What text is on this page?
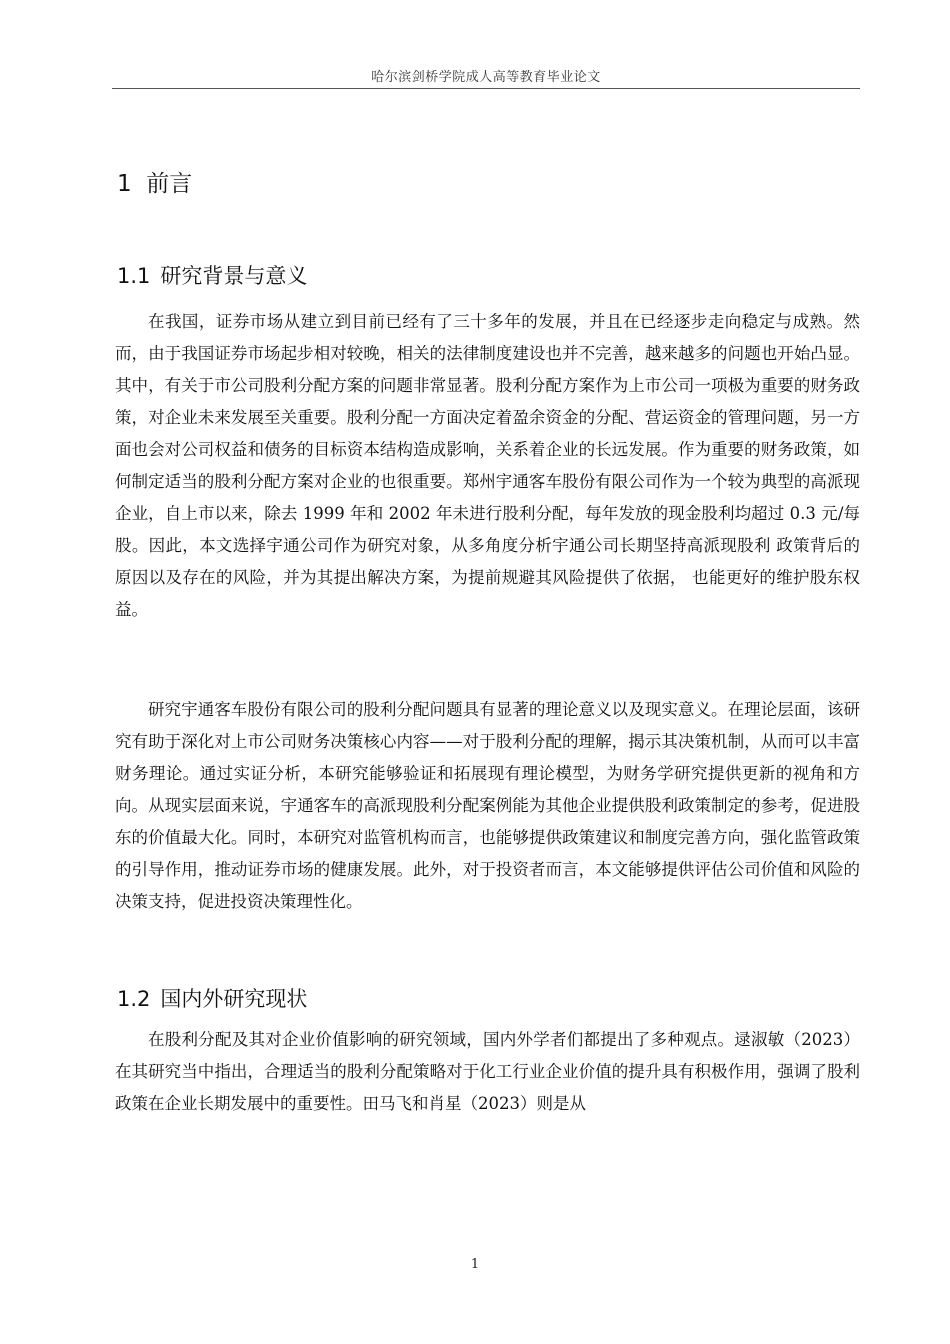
哈尔滨剑桥学院成人高等教育毕业论文
1 前言
1.1 研究背景与意义

在我国，证券市场从建立到目前已经有了三十多年的发展，并且在已经逐步走向稳定与成熟。然而，由于我国证券市场起步相对较晚，相关的法律制度建设也并不完善，越来越多的问题也开始凸显。其中，有关于市公司股利分配方案的问题非常显著。股利分配方案作为上市公司一项极为重要的财务政策，对企业未来发展至关重要。股利分配一方面决定着盈余资金的分配、营运资金的管理问题，另一方面也会对公司权益和债务的目标资本结构造成影响，关系着企业的长远发展。作为重要的财务政策，如何制定适当的股利分配方案对企业的也很重要。郑州宇通客车股份有限公司作为一个较为典型的高派现企业，自上市以来，除去 1999 年和 2002 年未进行股利分配，每年发放的现金股利均超过 0.3 元/每 股。因此，本文选择宇通公司作为研究对象，从多角度分析宇通公司长期坚持高派现股利 政策背后的原因以及存在的风险，并为其提出解决方案，为提前规避其风险提供了依据， 也能更好的维护股东权益。

研究宇通客车股份有限公司的股利分配问题具有显著的理论意义以及现实意义。在理论层面，该研究有助于深化对上市公司财务决策核心内容——对于股利分配的理解，揭示其决策机制，从而可以丰富财务理论。通过实证分析，本研究能够验证和拓展现有理论模型，为财务学研究提供更新的视角和方向。从现实层面来说，宇通客车的高派现股利分配案例能为其他企业提供股利政策制定的参考，促进股东的价值最大化。同时，本研究对监管机构而言，也能够提供政策建议和制度完善方向，强化监管政策的引导作用，推动证券市场的健康发展。此外，对于投资者而言，本文能够提供评估公司价值和风险的决策支持，促进投资决策理性化。

1.2 国内外研究现状

在股利分配及其对企业价值影响的研究领域，国内外学者们都提出了多种观点。逯淑敏（2023）在其研究当中指出，合理适当的股利分配策略对于化工行业企业价值的提升具有积极作用，强调了股利政策在企业长期发展中的重要性。田马飞和肖星（2023）则是从

1
